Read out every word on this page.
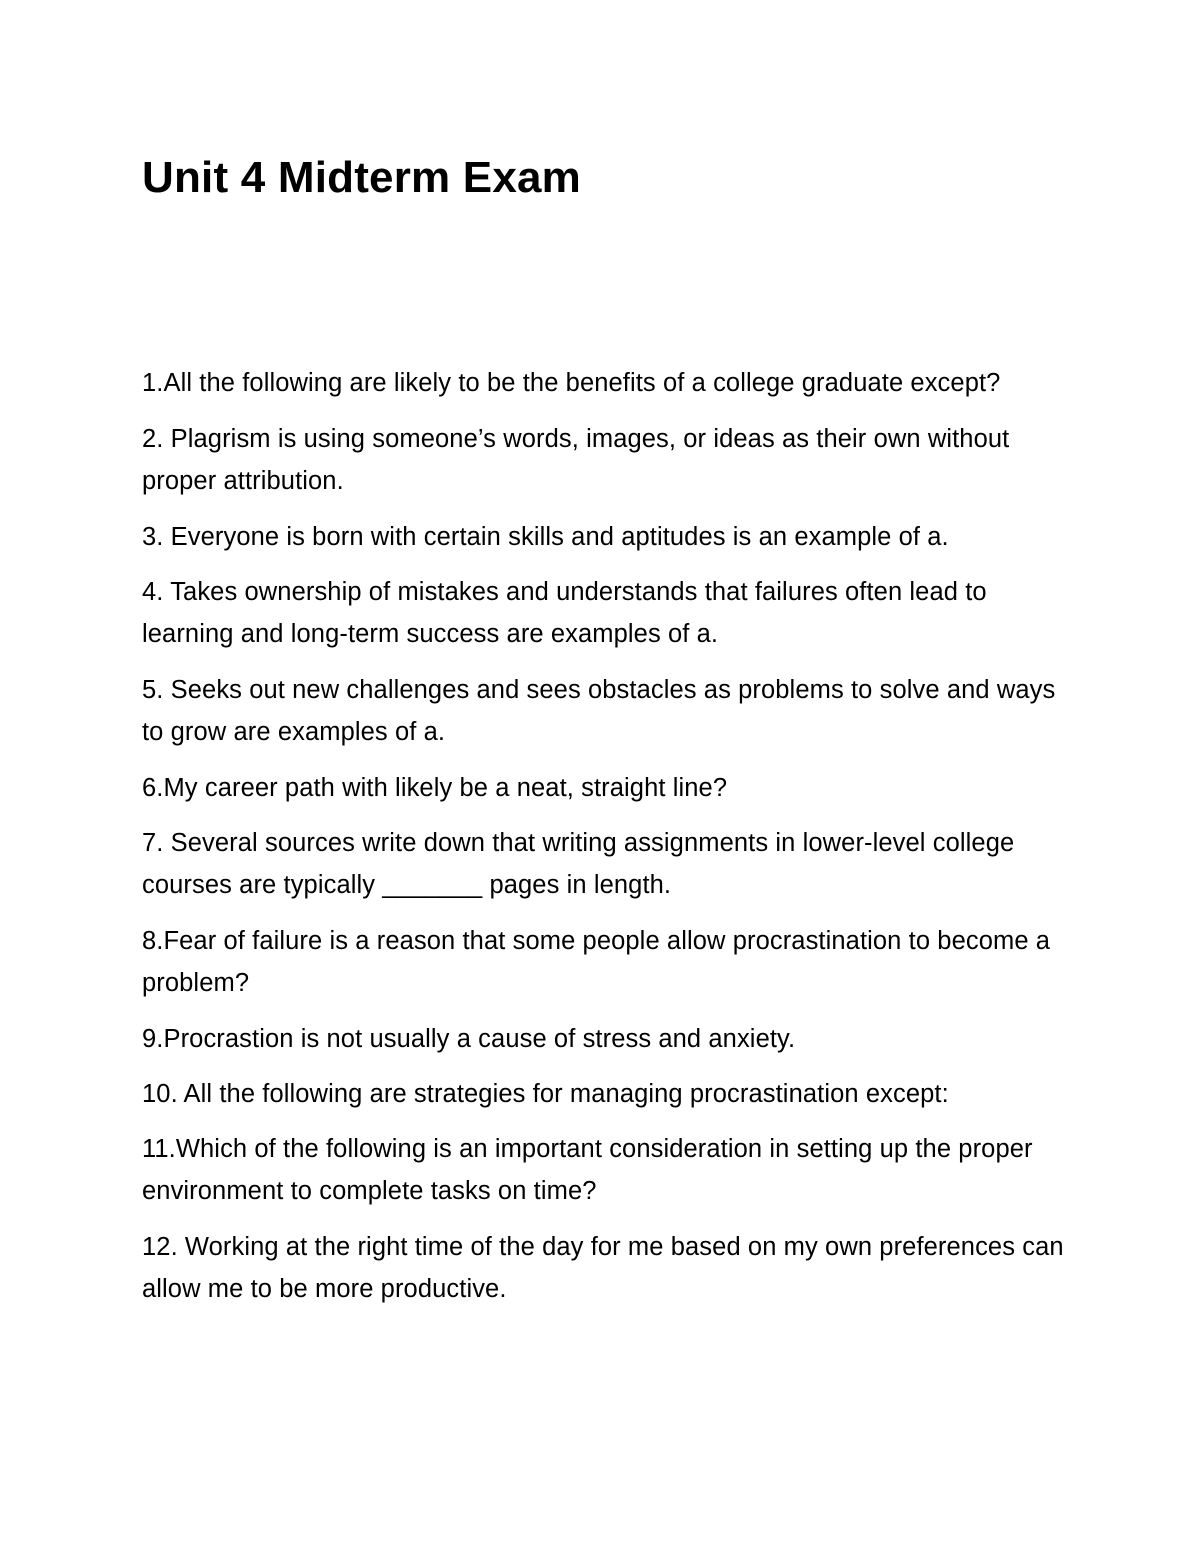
Unit 4 Midterm Exam
1.All the following are likely to be the benefits of a college graduate except?
2. Plagrism is using someone’s words, images, or ideas as their own without proper attribution.
3. Everyone is born with certain skills and aptitudes is an example of a.
4. Takes ownership of mistakes and understands that failures often lead to learning and long-term success are examples of a.
5. Seeks out new challenges and sees obstacles as problems to solve and ways to grow are examples of a.
6.My career path with likely be a neat, straight line?
7. Several sources write down that writing assignments in lower-level college courses are typically _______ pages in length.
8.Fear of failure is a reason that some people allow procrastination to become a problem?
9.Procrastion is not usually a cause of stress and anxiety.
10. All the following are strategies for managing procrastination except:
11.Which of the following is an important consideration in setting up the proper environment to complete tasks on time?
12. Working at the right time of the day for me based on my own preferences can allow me to be more productive.
